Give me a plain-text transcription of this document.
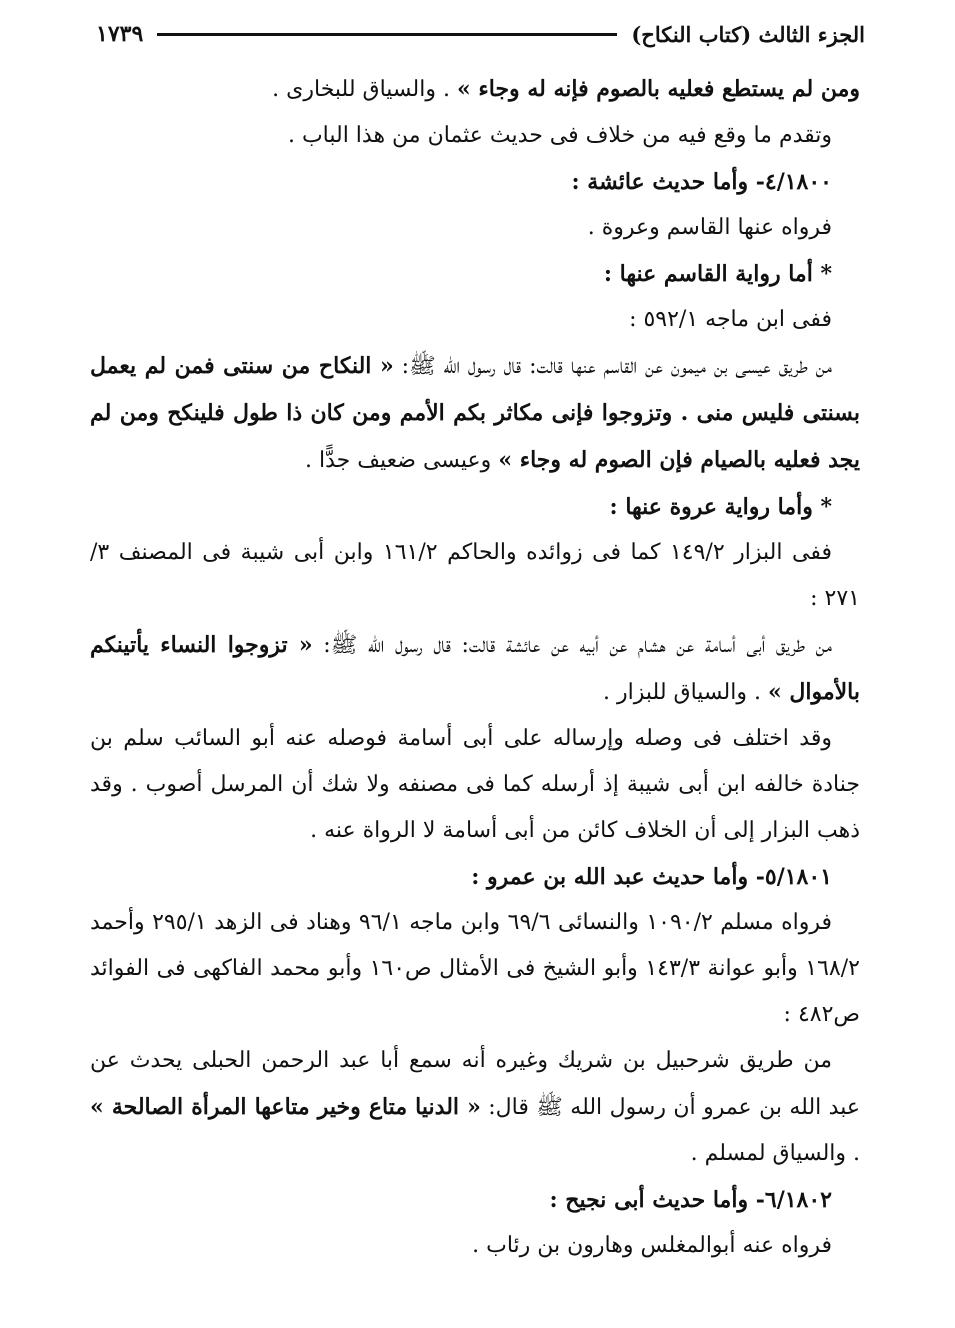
الجزء الثالث (كتاب النكاح)
١٧٣٩

ومن لم يستطع فعليه بالصوم فإنه له وجاء » . والسياق للبخارى .

وتقدم ما وقع فيه من خلاف فى حديث عثمان من هذا الباب .

٤/١٨٠٠- وأما حديث عائشة :

فرواه عنها القاسم وعروة .

* أما رواية القاسم عنها :

ففى ابن ماجه ٥٩٢/١ :

من طريق عيسى بن ميمون عن القاسم عنها قالت: قال رسول الله ﷺ: « النكاح من سنتى فمن لم يعمل بسنتى فليس منى . وتزوجوا فإنى مكاثر بكم الأمم ومن كان ذا طول فلينكح ومن لم يجد فعليه بالصيام فإن الصوم له وجاء » وعيسى ضعيف جدًّا .

* وأما رواية عروة عنها :

ففى البزار ١٤٩/٢ كما فى زوائده والحاكم ١٦١/٢ وابن أبى شيبة فى المصنف ٣/ ٢٧١ :

من طريق أبى أسامة عن هشام عن أبيه عن عائشة قالت: قال رسول الله ﷺ: « تزوجوا النساء يأتينكم بالأموال » . والسياق للبزار .

وقد اختلف فى وصله وإرساله على أبى أسامة فوصله عنه أبو السائب سلم بن جنادة خالفه ابن أبى شيبة إذ أرسله كما فى مصنفه ولا شك أن المرسل أصوب . وقد ذهب البزار إلى أن الخلاف كائن من أبى أسامة لا الرواة عنه .

٥/١٨٠١- وأما حديث عبد الله بن عمرو :

فرواه مسلم ١٠٩٠/٢ والنسائى ٦٩/٦ وابن ماجه ٩٦/١ وهناد فى الزهد ٢٩٥/١ وأحمد ١٦٨/٢ وأبو عوانة ١٤٣/٣ وأبو الشيخ فى الأمثال ص١٦٠ وأبو محمد الفاكهى فى الفوائد ص٤٨٢ :

من طريق شرحبيل بن شريك وغيره أنه سمع أبا عبد الرحمن الحبلى يحدث عن عبد الله بن عمرو أن رسول الله ﷺ قال: « الدنيا متاع وخير متاعها المرأة الصالحة » . والسياق لمسلم .

٦/١٨٠٢- وأما حديث أبى نجيح :

فرواه عنه أبوالمغلس وهارون بن رئاب .
